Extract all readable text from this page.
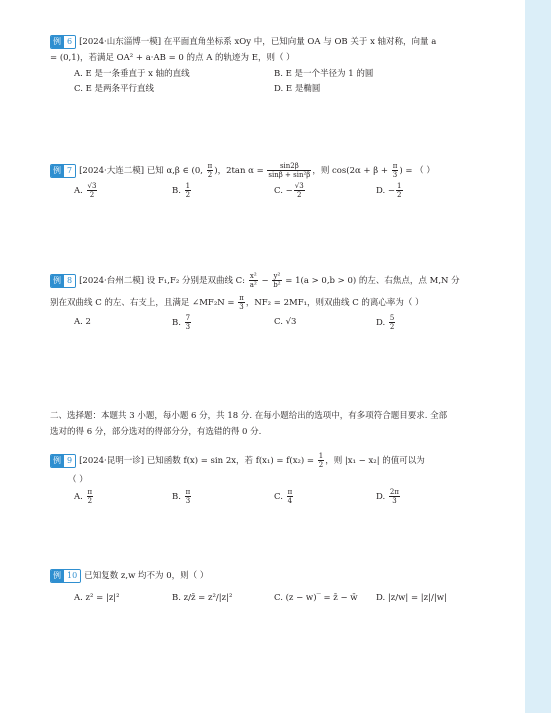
例 6 [2024·山东淄博一模] 在平面直角坐标系 xOy 中，已知向量 OA 与 OB 关于 x 轴对称，向量 a
= (0,1)，若满足 OA² + a·AB = 0 的点 A 的轨迹为 E，则（ ）
A. E 是一条垂直于 x 轴的直线	B. E 是一个半径为 1 的圆
C. E 是两条平行直线	D. E 是椭圆
例 7 [2024·大连二模] 已知 α,β ∈ (0, $\frac{\pi}{2}$ )，2tan $\alpha = \frac{\sin 2\beta}{\text{sinβ + sin²β}}$ ，则 $\cos(2\alpha + \beta + \frac{\pi}{3}$ ) = （ ）
A. $\frac{√3}{2}$	B. $\frac{1}{2}$	C. − $\frac{√3}{2}$	D. − $\frac{1}{2}$
例 8 [2024·台州二模] 设 F₁,F₂ 分别是双曲线 C: $\frac{\text{x²}}{\text{a²}} - \frac{\text{y²}}{\text{b²}} = 1(a > 0,b > 0)$ 的左、右焦点，点 M,N 分
别在双曲线 C 的左、右支上，且满足 ∠MF₂N = $\frac{\pi}{3}$ ，NF₂ = 2MF₁，则双曲线 C 的离心率为（ ）
A. 2	B. $\frac{7}{3}$	C. √3	D. $\frac{5}{2}$
二、选择题：本题共 3 小题，每小题 6 分，共 18 分. 在每小题给出的选项中，有多项符合题目要求. 全部
选对的得 6 分，部分选对的得部分分，有选错的得 0 分.
例 9 [2024·昆明一诊] 已知函数 f(x) = sin 2x，若 $f(x_1) = f(x_2) = \frac{1}{2}$ ，则 |x₁ − x₂| 的值可以为
（ ）
A. $\frac{\pi}{2}$	B. $\frac{\pi}{3}$	C. $\frac{\pi}{4}$	D. $\frac{2\pi}{3}$
例 10 已知复数 z,w 均不为 0，则（ ）
A. z² = |z|²	B. z/z̄ = z²/|z|²	C. (z − w)‾ = z̄ − w̄ D. |z/w| = |z|/|w|
